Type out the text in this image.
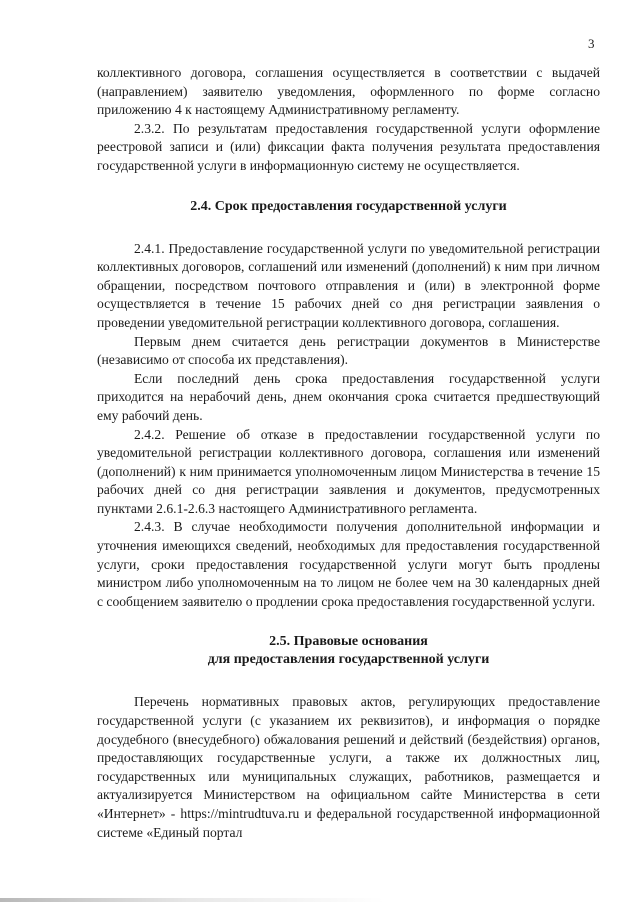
3

коллективного договора, соглашения осуществляется в соответствии с выдачей (направлением) заявителю уведомления, оформленного по форме согласно приложению 4 к настоящему Административному регламенту.

2.3.2. По результатам предоставления государственной услуги оформление реестровой записи и (или) фиксации факта получения результата предоставления государственной услуги в информационную систему не осуществляется.

2.4. Срок предоставления государственной услуги

2.4.1. Предоставление государственной услуги по уведомительной регистрации коллективных договоров, соглашений или изменений (дополнений) к ним при личном обращении, посредством почтового отправления и (или) в электронной форме осуществляется в течение 15 рабочих дней со дня регистрации заявления о проведении уведомительной регистрации коллективного договора, соглашения.

Первым днем считается день регистрации документов в Министерстве (независимо от способа их представления).

Если последний день срока предоставления государственной услуги приходится на нерабочий день, днем окончания срока считается предшествующий ему рабочий день.

2.4.2. Решение об отказе в предоставлении государственной услуги по уведомительной регистрации коллективного договора, соглашения или изменений (дополнений) к ним принимается уполномоченным лицом Министерства в течение 15 рабочих дней со дня регистрации заявления и документов, предусмотренных пунктами 2.6.1-2.6.3 настоящего Административного регламента.

2.4.3. В случае необходимости получения дополнительной информации и уточнения имеющихся сведений, необходимых для предоставления государственной услуги, сроки предоставления государственной услуги могут быть продлены министром либо уполномоченным на то лицом не более чем на 30 календарных дней с сообщением заявителю о продлении срока предоставления государственной услуги.

2.5. Правовые основания
для предоставления государственной услуги

Перечень нормативных правовых актов, регулирующих предоставление государственной услуги (с указанием их реквизитов), и информация о порядке досудебного (внесудебного) обжалования решений и действий (бездействия) органов, предоставляющих государственные услуги, а также их должностных лиц, государственных или муниципальных служащих, работников, размещается и актуализируется Министерством на официальном сайте Министерства в сети «Интернет» - https://mintrudtuva.ru и федеральной государственной информационной системе «Единый портал
